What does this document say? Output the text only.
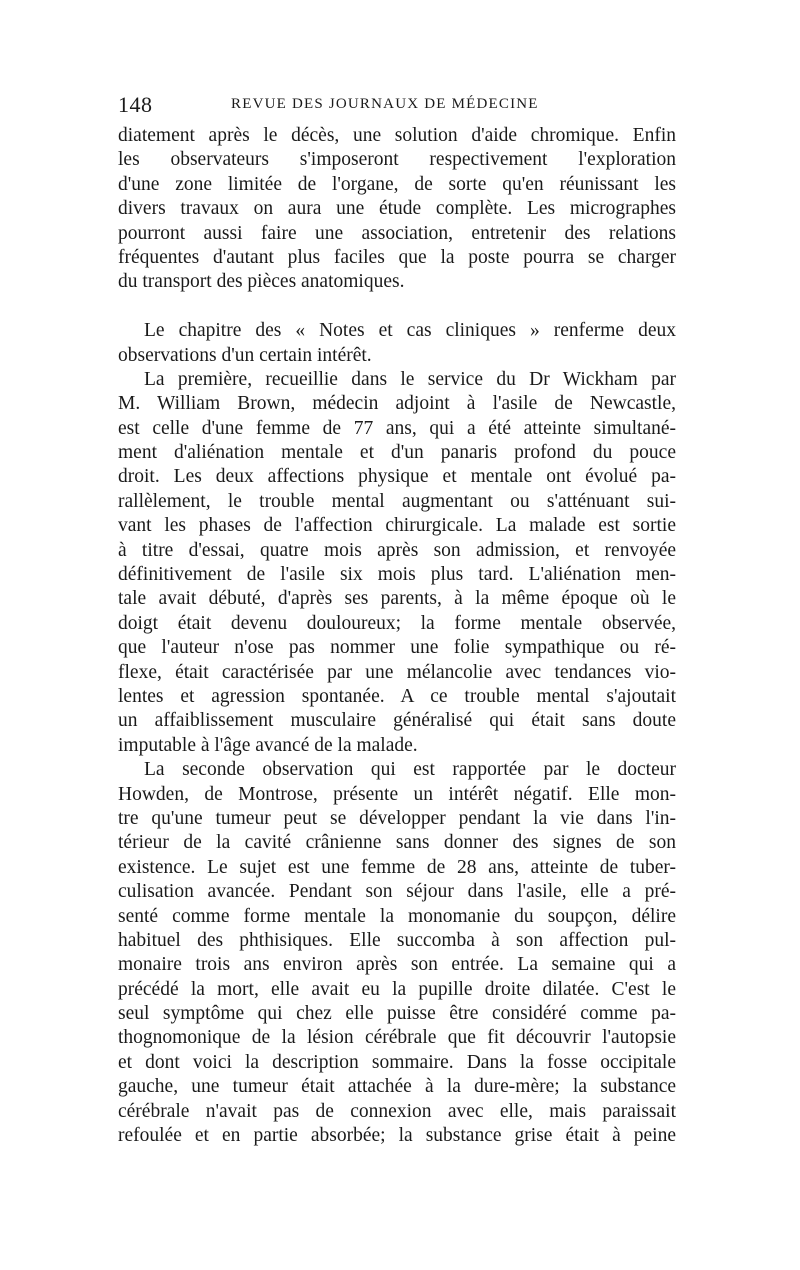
148	REVUE DES JOURNAUX DE MÉDECINE
diatement après le décès, une solution d'aide chromique. Enfin
les observateurs s'imposeront respectivement l'exploration
d'une zone limitée de l'organe, de sorte qu'en réunissant les
divers travaux on aura une étude complète. Les micrographes
pourront aussi faire une association, entretenir des relations
fréquentes d'autant plus faciles que la poste pourra se charger
du transport des pièces anatomiques.
Le chapitre des « Notes et cas cliniques » renferme deux
observations d'un certain intérêt.
La première, recueillie dans le service du Dr Wickham par
M. William Brown, médecin adjoint à l'asile de Newcastle,
est celle d'une femme de 77 ans, qui a été atteinte simultané-
ment d'aliénation mentale et d'un panaris profond du pouce
droit. Les deux affections physique et mentale ont évolué pa-
rallèlement, le trouble mental augmentant ou s'atténuant sui-
vant les phases de l'affection chirurgicale. La malade est sortie
à titre d'essai, quatre mois après son admission, et renvoyée
définitivement de l'asile six mois plus tard. L'aliénation men-
tale avait débuté, d'après ses parents, à la même époque où le
doigt était devenu douloureux; la forme mentale observée,
que l'auteur n'ose pas nommer une folie sympathique ou ré-
flexe, était caractérisée par une mélancolie avec tendances vio-
lentes et agression spontanée. A ce trouble mental s'ajoutait
un affaiblissement musculaire généralisé qui était sans doute
imputable à l'âge avancé de la malade.
La seconde observation qui est rapportée par le docteur
Howden, de Montrose, présente un intérêt négatif. Elle mon-
tre qu'une tumeur peut se développer pendant la vie dans l'in-
térieur de la cavité crânienne sans donner des signes de son
existence. Le sujet est une femme de 28 ans, atteinte de tuber-
culisation avancée. Pendant son séjour dans l'asile, elle a pré-
senté comme forme mentale la monomanie du soupçon, délire
habituel des phthisiques. Elle succomba à son affection pul-
monaire trois ans environ après son entrée. La semaine qui a
précédé la mort, elle avait eu la pupille droite dilatée. C'est le
seul symptôme qui chez elle puisse être considéré comme pa-
thognomonique de la lésion cérébrale que fit découvrir l'autopsie
et dont voici la description sommaire. Dans la fosse occipitale
gauche, une tumeur était attachée à la dure-mère; la substance
cérébrale n'avait pas de connexion avec elle, mais paraissait
refoulée et en partie absorbée; la substance grise était à peine
